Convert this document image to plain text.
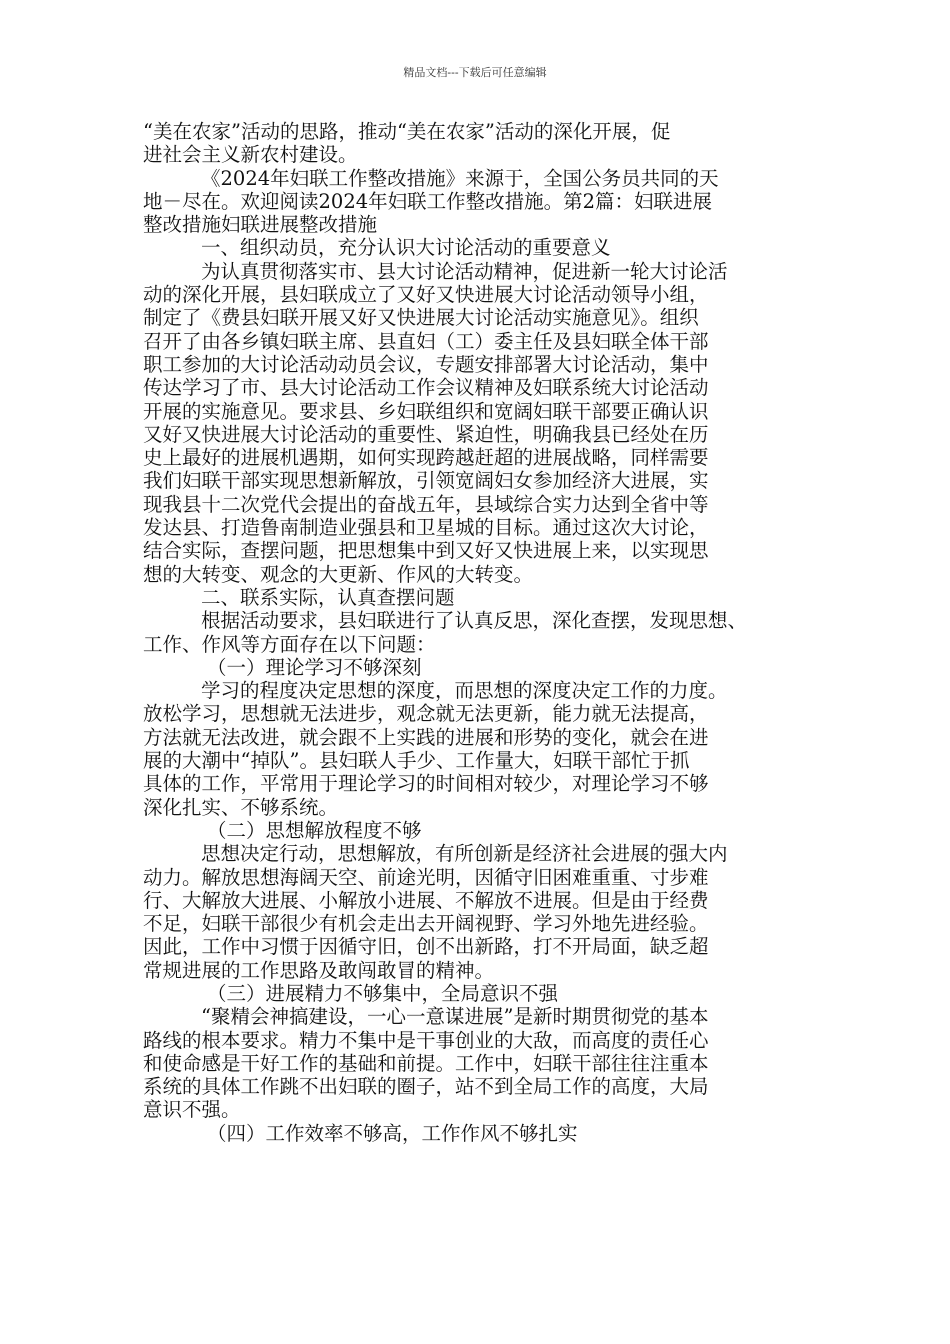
精品文档---下载后可任意编辑
“美在农家”活动的思路，推动“美在农家”活动的深化开展，促
进社会主义新农村建设。
《2024年妇联工作整改措施》来源于，全国公务员共同的天
地－尽在。欢迎阅读2024年妇联工作整改措施。第2篇：妇联进展
整改措施妇联进展整改措施
一、组织动员，充分认识大讨论活动的重要意义
为认真贯彻落实市、县大讨论活动精神，促进新一轮大讨论活
动的深化开展，县妇联成立了又好又快进展大讨论活动领导小组，
制定了《费县妇联开展又好又快进展大讨论活动实施意见》。组织
召开了由各乡镇妇联主席、县直妇（工）委主任及县妇联全体干部
职工参加的大讨论活动动员会议，专题安排部署大讨论活动，集中
传达学习了市、县大讨论活动工作会议精神及妇联系统大讨论活动
开展的实施意见。要求县、乡妇联组织和宽阔妇联干部要正确认识
又好又快进展大讨论活动的重要性、紧迫性，明确我县已经处在历
史上最好的进展机遇期，如何实现跨越赶超的进展战略，同样需要
我们妇联干部实现思想新解放，引领宽阔妇女参加经济大进展，实
现我县十二次党代会提出的奋战五年，县域综合实力达到全省中等
发达县、打造鲁南制造业强县和卫星城的目标。通过这次大讨论，
结合实际，查摆问题，把思想集中到又好又快进展上来，以实现思
想的大转变、观念的大更新、作风的大转变。
二、联系实际，认真查摆问题
根据活动要求，县妇联进行了认真反思，深化查摆，发现思想、
工作、作风等方面存在以下问题：
（一）理论学习不够深刻
学习的程度决定思想的深度，而思想的深度决定工作的力度。
放松学习，思想就无法进步，观念就无法更新，能力就无法提高，
方法就无法改进，就会跟不上实践的进展和形势的变化，就会在进
展的大潮中“掉队”。县妇联人手少、工作量大，妇联干部忙于抓
具体的工作，平常用于理论学习的时间相对较少，对理论学习不够
深化扎实、不够系统。
（二）思想解放程度不够
思想决定行动，思想解放，有所创新是经济社会进展的强大内
动力。解放思想海阔天空、前途光明，因循守旧困难重重、寸步难
行、大解放大进展、小解放小进展、不解放不进展。但是由于经费
不足，妇联干部很少有机会走出去开阔视野、学习外地先进经验。
因此，工作中习惯于因循守旧，创不出新路，打不开局面，缺乏超
常规进展的工作思路及敢闯敢冒的精神。
（三）进展精力不够集中，全局意识不强
“聚精会神搞建设，一心一意谋进展”是新时期贯彻党的基本
路线的根本要求。精力不集中是干事创业的大敌，而高度的责任心
和使命感是干好工作的基础和前提。工作中，妇联干部往往注重本
系统的具体工作跳不出妇联的圈子，站不到全局工作的高度，大局
意识不强。
（四）工作效率不够高，工作作风不够扎实
